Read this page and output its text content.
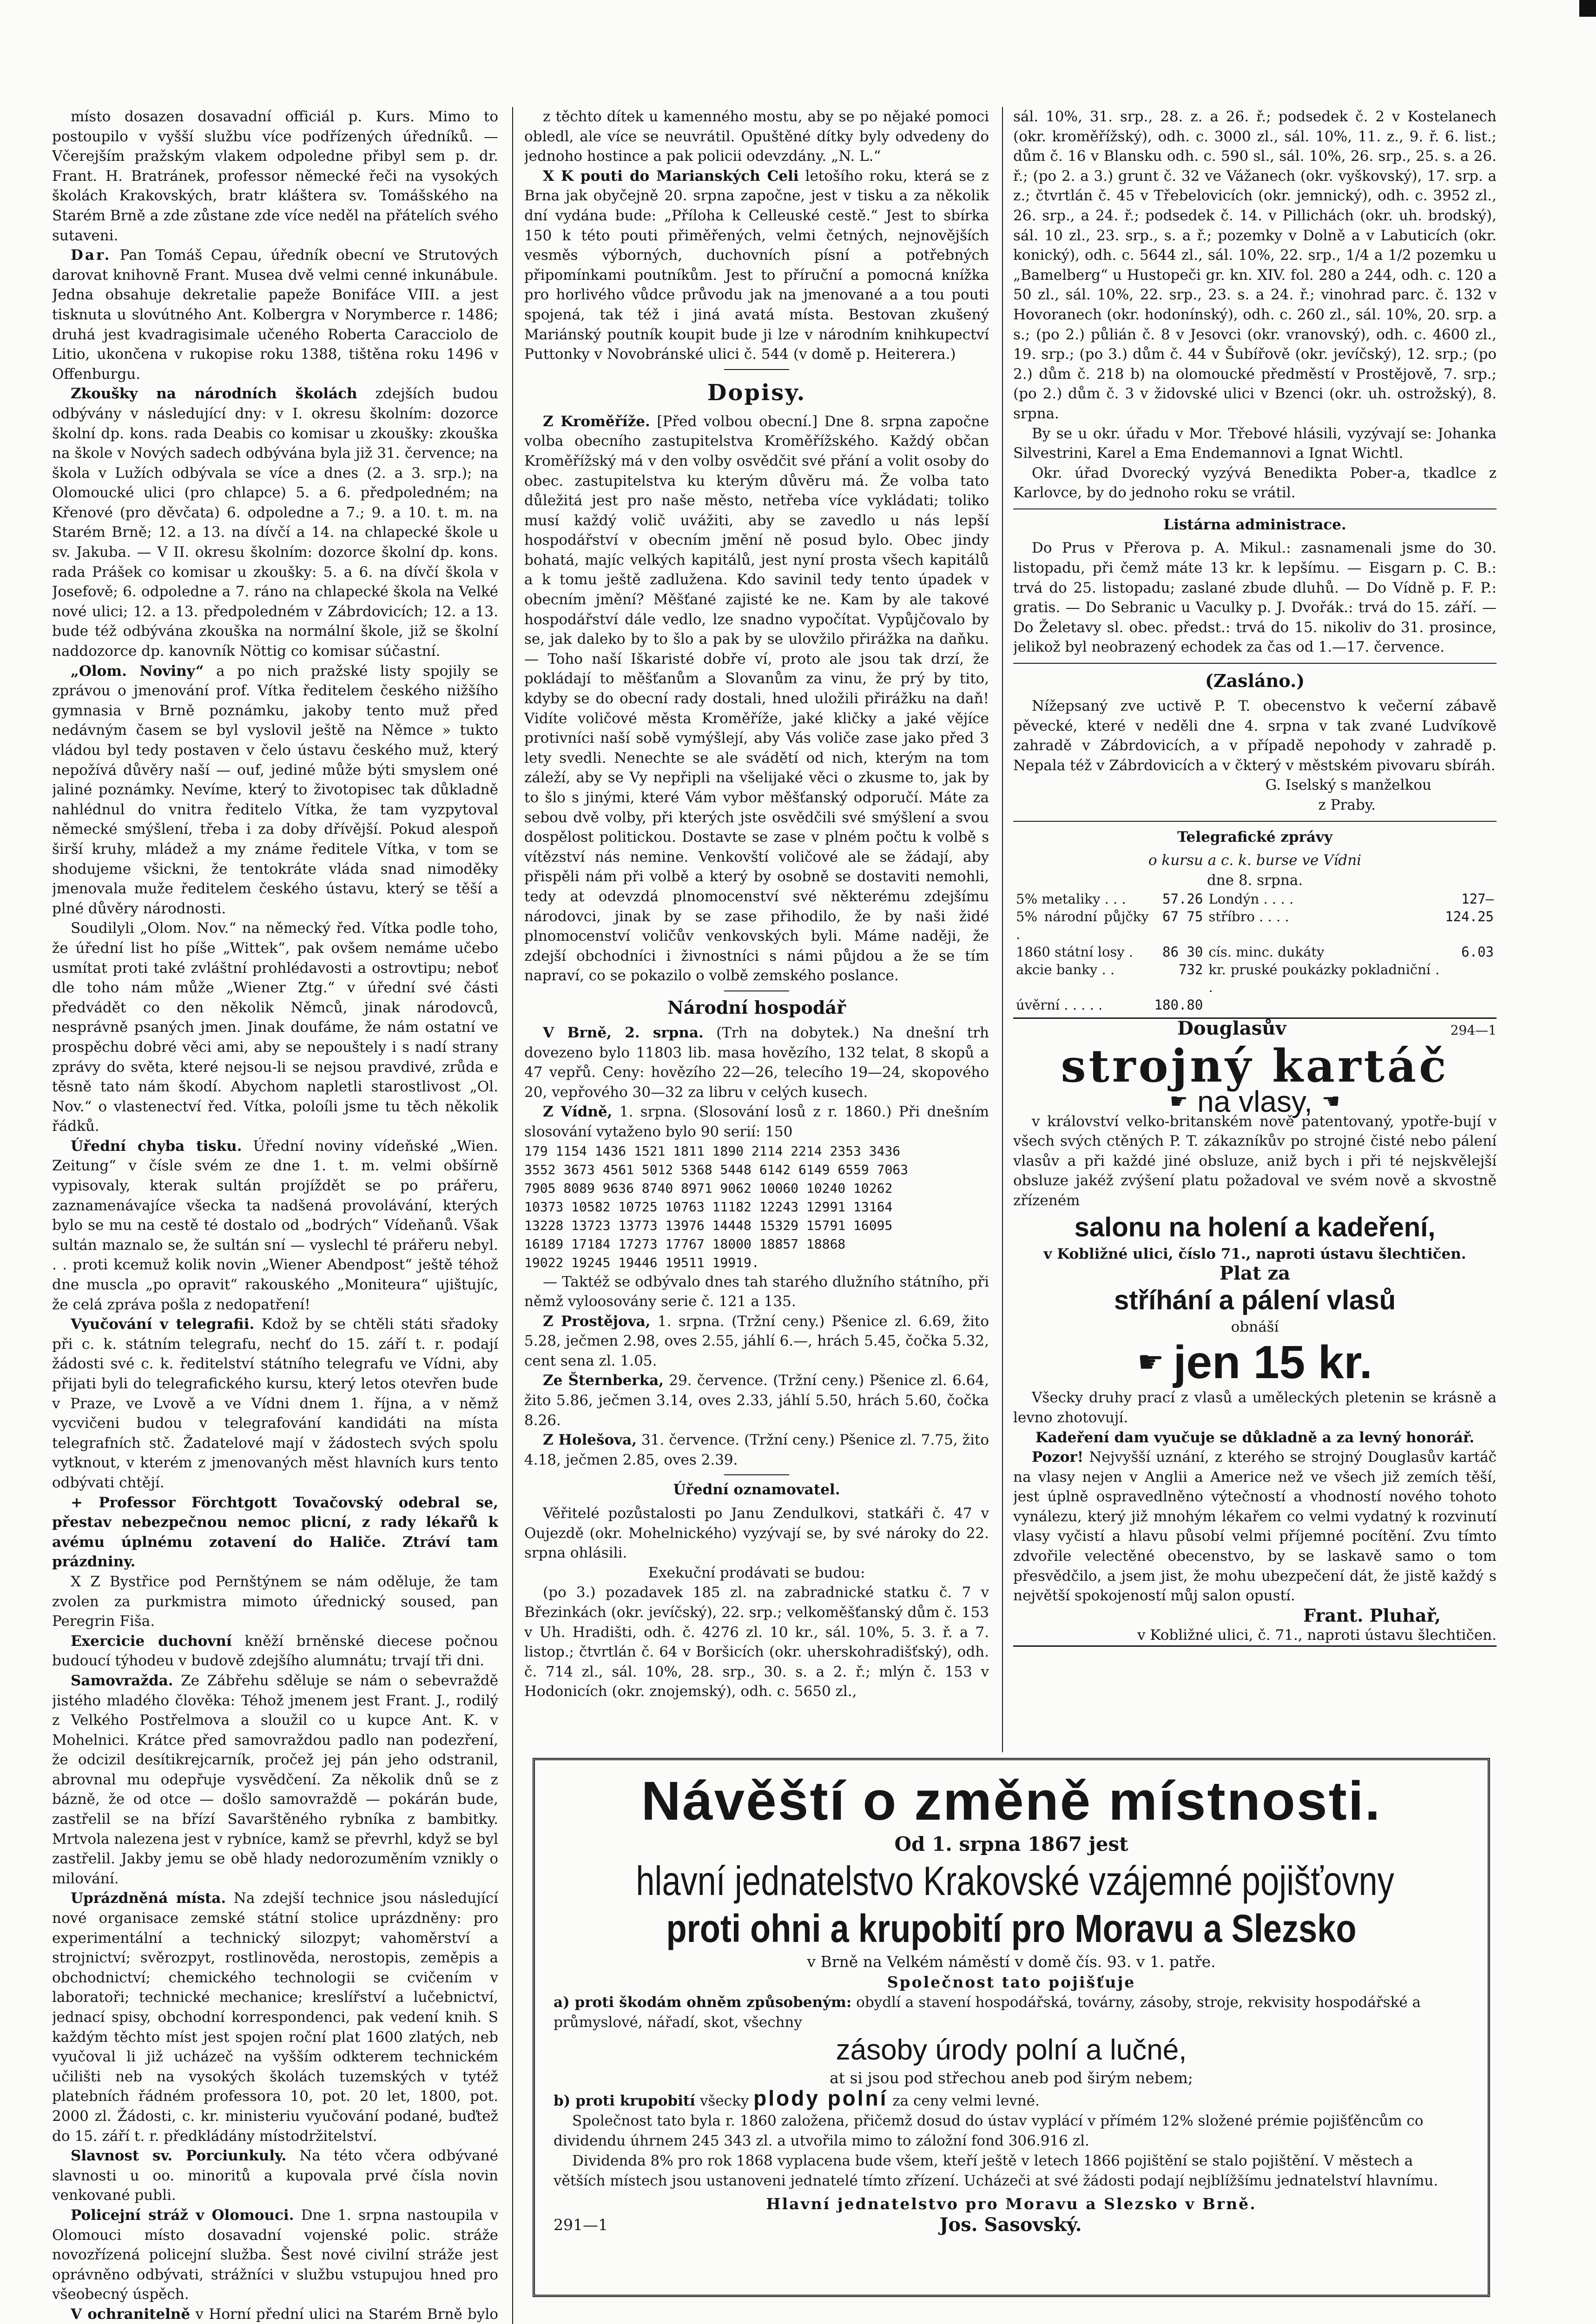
místo dosazen dosavadní officiál p. Kurs. Mimo to postoupilo v vyšší službu více podřízených úředníků. — Včerejším pražským vlakem odpoledne přibyl sem p. dr. Frant. H. Bratránek, professor německé řeči na vysokých školách Krakovských, bratr kláštera sv. Tomášského na Starém Brně a zde zůstane zde více neděl na přátelích svého sutaveni.

Dar. Pan Tomáš Cepau, úředník obecní ve Strutových darovat knihovně Frant. Musea dvě velmi cenné inkunábule. Jedna obsahuje dekretalie papeže Bonifáce VIII. a jest tisknuta u slovútného Ant. Kolbergra v Norymberce r. 1486; druhá jest kvadragisimale učeného Roberta Caracciolo de Litio, ukončena v rukopise roku 1388, tištěna roku 1496 v Offenburgu.

Zkoušky na národních školách zdejších budou odbývány v následující dny: v I. okresu školním: dozorce školní dp. kons. rada Deabis co komisar u zkoušky: zkouška na škole v Nových sadech odbývána byla již 31. července; na škola v Lužích odbývala se více a dnes (2. a 3. srp.); na Olomoucké ulici (pro chlapce) 5. a 6. předpoledném; na Křenové (pro děvčata) 6. odpoledne a 7.; 9. a 10. t. m. na Starém Brně; 12. a 13. na dívčí a 14. na chlapecké škole u sv. Jakuba. — V II. okresu školním: dozorce školní dp. kons. rada Prášek co komisar u zkoušky: 5. a 6. na dívčí škola v Josefově; 6. odpoledne a 7. ráno na chlapecké škola na Velké nové ulici; 12. a 13. předpoledném v Zábrdovicích; 12. a 13. bude též odbývána zkouška na normální škole, již se školní naddozorce dp. kanovník Nöttig co komisar súčastní.

„Olom. Noviny“ a po nich pražské listy spojily se zprávou o jmenování prof. Vítka ředitelem českého nižšího gymnasia v Brně poznámku, jakoby tento muž před nedávným časem se byl vyslovil ještě na Němce » tukto vládou byl tedy postaven v čelo ústavu českého muž, který nepožívá důvěry naší — ouf, jediné může býti smyslem oné jaliné poznámky. Nevíme, který to životopisec tak důkladně nahlédnul do vnitra ředitelo Vítka, že tam vyzpytoval německé smýšlení, třeba i za doby dřívější. Pokud alespoň širší kruhy, mládež a my známe ředitele Vítka, v tom se shodujeme všickni, že tentokráte vláda snad nimoděky jmenovala muže ředitelem českého ústavu, který se těší a plné důvěry národnosti.

Soudilyli „Olom. Nov.“ na německý řed. Vítka podle toho, že úřední list ho píše „Wittek“, pak ovšem nemáme učebo usmítat proti také zvláštní prohlédavosti a ostrovtipu; neboť dle toho nám může „Wiener Ztg.“ v úřední své části předvádět co den několik Němců, jinak národovců, nesprávně psaných jmen. Jinak doufáme, že nám ostatní ve prospěchu dobré věci ami, aby se nepouštely i s nadí strany zprávy do světa, které nejsou-li se nejsou pravdivé, zrůda e těsně tato nám škodí. Abychom napletli starostlivost „Ol. Nov.“ o vlastenectví řed. Vítka, poloíli jsme tu těch několik řádků.

Úřední chyba tisku. Úřední noviny vídeňské „Wien. Zeitung“ v čísle svém ze dne 1. t. m. velmi obšírně vypisovaly, kterak sultán projíždět se po prářeru, zaznamenávajíce všecka ta nadšená provolávání, kterých bylo se mu na cestě té dostalo od „bodrých“ Vídeňanů. Však sultán maznalo se, že sultán sní — vyslechl té prářeru nebyl. . . proti kcemuž kolik novin „Wiener Abendpost“ ještě téhož dne muscla „po opravit“ rakouského „Moniteura“ ujištujíc, že celá zpráva pošla z nedopatření!

Vyučování v telegrafii. Kdož by se chtěli státi sřadoky při c. k. státním telegrafu, nechť do 15. září t. r. podají žádosti své c. k. ředitelství státního telegrafu ve Vídni, aby přijati byli do telegrafického kursu, který letos otevřen bude v Praze, ve Lvově a ve Vídni dnem 1. října, a v němž vycvičeni budou v telegrafování kandidáti na místa telegrafních stč. Žadatelové mají v žádostech svých spolu vytknout, v kterém z jmenovaných měst hlavních kurs tento odbývati chtějí.

+ Professor Förchtgott Tovačovský odebral se, přestav nebezpečnou nemoc plicní, z rady lékařů k avému úplnému zotavení do Haliče. Ztráví tam prázdniny.

X Z Bystřice pod Pernštýnem se nám oděluje, že tam zvolen za purkmistra mimoto úřednický soused, pan Peregrin Fiša.

Exercicie duchovní kněží brněnské diecese počnou budoucí týhodeu v budově zdejšího alumnátu; trvají tři dni.

Samovražda. Ze Zábřehu sděluje se nám o sebevraždě jistého mladého člověka: Téhož jmenem jest Frant. J., rodilý z Velkého Postřelmova a sloužil co u kupce Ant. K. v Mohelnici. Krátce před samovraždou padlo nan podezření, že odcizil desítikrejcarník, pročež jej pán jeho odstranil, abrovnal mu odepřuje vysvědčení. Za několik dnů se z bázně, že od otce — došlo samovraždě — pokárán bude, zastřelil se na břízí Savarštěného rybníka z bambitky. Mrtvola nalezena jest v rybníce, kamž se převrhl, když se byl zastřelil. Jakby jemu se obě hlady nedorozuměním vznikly o milování.

Uprázdněná místa. Na zdejší technice jsou následující nové organisace zemské státní stolice uprázdněny: pro experimentální a technický silozpyt; vahoměrství a strojnictví; svěrozpyt, rostlinověda, nerostopis, zeměpis a obchodnictví; chemického technologii se cvičením v laboratoři; technické mechanice; kreslířství a lučebnictví, jednací spisy, obchodní korrespondenci, pak vedení knih. S každým těchto míst jest spojen roční plat 1600 zlatých, neb vyučoval li již ucházeč na vyšším odkterem technickém učilišti neb na vysokých školách tuzemských v tytéž platebních řádném professora 10, pot. 20 let, 1800, pot. 2000 zl. Žádosti, c. kr. ministeriu vyučování podané, buďtež do 15. září t. r. předkládány místodržitelství.

Slavnost sv. Porciunkuly. Na této včera odbývané slavnosti u oo. minoritů a kupovala prvé čísla novin venkované publi.

Policejní stráž v Olomouci. Dne 1. srpna nastoupila v Olomouci místo dosavadní vojenské polic. stráže novozřízená policejní služba. Šest nové civilní stráže jest oprávněno odbývati, strážníci v službu vstupujou hned pro všeobecný úspěch.

V ochranitelně v Horní přední ulici na Starém Brně bylo

z těchto dítek u kamenného mostu, aby se po nějaké pomoci obledl, ale více se neuvrátil. Opuštěné dítky byly odvedeny do jednoho hostince a pak policii odevzdány. „N. L.“

X K pouti do Marianských Celi letošího roku, která se z Brna jak obyčejně 20. srpna započne, jest v tisku a za několik dní vydána bude: „Příloha k Celleuské cestě.“ Jest to sbírka 150 k této pouti přiměřených, velmi četných, nejnovějších vesměs výborných, duchovních písní a potřebných připomínkami poutníkům. Jest to příruční a pomocná knížka pro horlivého vůdce průvodu jak na jmenované a a tou pouti spojená, tak též i jiná avatá místa. Bestovan zkušený Mariánský poutník koupit bude ji lze v národním knihkupectví Puttonky v Novobránské ulici č. 544 (v domě p. Heiterera.)

Dopisy.

Z Kroměříže. [Před volbou obecní.] Dne 8. srpna započne volba obecního zastupitelstva Kroměřížského. Každý občan Kroměřížský má v den volby osvědčit své přání a volit osoby do obec. zastupitelstva ku kterým důvěru má. Že volba tato důležitá jest pro naše město, netřeba více vykládati; toliko musí každý volič uvážiti, aby se zavedlo u nás lepší hospodářství v obecním jmění ně posud bylo. Obec jindy bohatá, majíc velkých kapitálů, jest nyní prosta všech kapitálů a k tomu ještě zadlužena. Kdo savinil tedy tento úpadek v obecním jmění? Měšťané zajisté ke ne. Kam by ale takové hospodářství dále vedlo, lze snadno vypočítat. Vypůjčovalo by se, jak daleko by to šlo a pak by se ulovžilo přirážka na daňku. — Toho naší Iškaristé dobře ví, proto ale jsou tak drzí, že pokládají to měšťanům a Slovanům za vinu, že prý by tito, kdyby se do obecní rady dostali, hned uložili přirážku na daň! Vidíte voličové města Kroměříže, jaké kličky a jaké vějíce protivníci naší sobě vymýšlejí, aby Vás voliče zase jako před 3 lety svedli. Nenechte se ale svádětí od nich, kterým na tom záleží, aby se Vy nepřipli na všelijaké věci o zkusme to, jak by to šlo s jinými, které Vám vybor měšťanský odporučí. Máte za sebou dvě volby, při kterých jste osvědčili své smýšlení a svou dospělost politickou. Dostavte se zase v plném počtu k volbě s vítězství nás nemine. Venkovští voličové ale se žádají, aby přispěli nám při volbě a který by osobně se dostaviti nemohli, tedy at odevzdá plnomocenství své některému zdejšímu národovci, jinak by se zase přihodilo, že by naši židé plnomocenství voličův venkovských byli. Máme naději, že zdejší obchodníci i živnostníci s námi půjdou a že se tím napraví, co se pokazilo o volbě zemského poslance.

Národní hospodář

V Brně, 2. srpna. (Trh na dobytek.) Na dnešní trh dovezeno bylo 11803 lib. masa hovězího, 132 telat, 8 skopů a 47 vepřů. Ceny: hovězího 22—26, telecího 19—24, skopového 20, vepřového 30—32 za libru v celých kusech.

Z Vídně, 1. srpna. (Slosování losů z r. 1860.) Při dnešním slosování vytaženo bylo 90 serií: 150

179 1154 1436 1521 1811 1890 2114 2214 2353 3436
3552 3673 4561 5012 5368 5448 6142 6149 6559 7063
7905 8089 9636 8740 8971 9062 10060 10240 10262
10373 10582 10725 10763 11182 12243 12991 13164
13228 13723 13773 13976 14448 15329 15791 16095
16189 17184 17273 17767 18000 18857 18868
19022 19245 19446 19511 19919.

— Taktéž se odbývalo dnes tah starého dlužního státního, při němž vyloosovány serie č. 121 a 135.

Z Prostějova, 1. srpna. (Tržní ceny.) Pšenice zl. 6.69, žito 5.28, ječmen 2.98, oves 2.55, jáhlí 6.—, hrách 5.45, čočka 5.32, cent sena zl. 1.05.

Ze Šternberka, 29. července. (Tržní ceny.) Pšenice zl. 6.64, žito 5.86, ječmen 3.14, oves 2.33, jáhlí 5.50, hrách 5.60, čočka 8.26.

Z Holešova, 31. července. (Tržní ceny.) Pšenice zl. 7.75, žito 4.18, ječmen 2.85, oves 2.39.

Úřední oznamovatel.

Věřitelé pozůstalosti po Janu Zendulkovi, statkáři č. 47 v Oujezdě (okr. Mohelnického) vyzývají se, by své nároky do 22. srpna ohlásili.

Exekuční prodávati se budou:

(po 3.) pozadavek 185 zl. na zabradnické statku č. 7 v Březinkách (okr. jevíčský), 22. srp.; velkoměšťanský dům č. 153 v Uh. Hradišti, odh. č. 4276 zl. 10 kr., sál. 10%, 5. 3. ř. a 7. listop.; čtvrtlán č. 64 v Boršicích (okr. uherskohradišťský), odh. č. 714 zl., sál. 10%, 28. srp., 30. s. a 2. ř.; mlýn č. 153 v Hodonicích (okr. znojemský), odh. c. 5650 zl.,

sál. 10%, 31. srp., 28. z. a 26. ř.; podsedek č. 2 v Kostelanech (okr. kroměřížský), odh. c. 3000 zl., sál. 10%, 11. z., 9. ř. 6. list.; dům č. 16 v Blansku odh. c. 590 sl., sál. 10%, 26. srp., 25. s. a 26. ř.; (po 2. a 3.) grunt č. 32 ve Vážanech (okr. vyškovský), 17. srp. a z.; čtvrtlán č. 45 v Třebelovicích (okr. jemnický), odh. c. 3952 zl., 26. srp., a 24. ř.; podsedek č. 14. v Pillichách (okr. uh. brodský), sál. 10 zl., 23. srp., s. a ř.; pozemky v Dolně a v Labuticích (okr. konický), odh. c. 5644 zl., sál. 10%, 22. srp., 1/4 a 1/2 pozemku u „Bamelberg“ u Hustopeči gr. kn. XIV. fol. 280 a 244, odh. c. 120 a 50 zl., sál. 10%, 22. srp., 23. s. a 24. ř.; vinohrad parc. č. 132 v Hovoranech (okr. hodonínský), odh. c. 260 zl., sál. 10%, 20. srp. a s.; (po 2.) půlián č. 8 v Jesovci (okr. vranovský), odh. c. 4600 zl., 19. srp.; (po 3.) dům č. 44 v Šubířově (okr. jevíčský), 12. srp.; (po 2.) dům č. 218 b) na olomoucké předměstí v Prostějově, 7. srp.; (po 2.) dům č. 3 v židovské ulici v Bzenci (okr. uh. ostrožský), 8. srpna.

By se u okr. úřadu v Mor. Třebové hlásili, vyzývají se: Johanka Silvestrini, Karel a Ema Endemannovi a Ignat Wichtl.

Okr. úřad Dvorecký vyzývá Benedikta Pober-a, tkadlce z Karlovce, by do jednoho roku se vrátil.

Listárna administrace.

Do Prus v Přerova p. A. Mikul.: zasnamenali jsme do 30. listopadu, při čemž máte 13 kr. k lepšímu. — Eisgarn p. C. B.: trvá do 25. listopadu; zaslané zbude dluhů. — Do Vídně p. F. P.: gratis. — Do Sebranic u Vaculky p. J. Dvořák.: trvá do 15. září. — Do Želetavy sl. obec. předst.: trvá do 15. nikoliv do 31. prosince, jelikož byl neobrazený echodek za čas od 1.—17. července.

(Zasláno.)

Nížepsaný zve uctivě P. T. obecenstvo k večerní zábavě pěvecké, které v neděli dne 4. srpna v tak zvané Ludvíkově zahradě v Zábrdovicích, a v případě nepohody v zahradě p. Nepala též v Zábrdovicích a v čkterý v městském pivovaru sbíráh.

G. Iselský s manželkou

z Praby.

Telegrafické zprávy

o kursu a c. k. burse ve Vídni

dne 8. srpna.

5% metaliky . . .	57.26	Londýn . . . .	127—
5% národní půjčky .	67 75	stříbro . . . .	124.25
1860 státní losy .	86 30	cís. minc. dukáty	6.03
akcie banky . .	732	kr. pruské poukázky pokladniční . .	
úvěrní . . . . .	180.80		
Douglasův	294—1
strojný kartáč
☛ na vlasy, ☚

v království velko-britanském nově patentovaný, ypotře-bují v všech svých ctěných P. T. zákazníkův po strojné čisté nebo pálení vlasův a při každé jiné obsluze, aniž bych i při té nejskvělejší obsluze jakéž zvýšení platu požadoval ve svém nově a skvostně zřízeném

salonu na holení a kadeření,

v Kobližné ulici, číslo 71., naproti ústavu šlechtičen.

Plat za

stříhání a pálení vlasů

obnáší

☛ jen 15 kr.

Všecky druhy prací z vlasů a uměleckých pletenin se krásně a levno zhotovují.

Kadeření dam vyučuje se důkladně a za levný honorář.

Pozor! Nejvyšší uznání, z kterého se strojný Douglasův kartáč na vlasy nejen v Anglii a Americe než ve všech již zemích těší, jest úplně ospravedlněno výtečností a vhodností nového tohoto vynálezu, který již mnohým lékařem co velmi vydatný k rozvinutí vlasy vyčistí a hlavu působí velmi příjemné pocítění. Zvu tímto zdvořile velectěné obecenstvo, by se laskavě samo o tom přesvědčilo, a jsem jist, že mohu ubezpečení dát, že jistě každý s největší spokojeností můj salon opustí.

Frant. Pluhař,

v Kobližné ulici, č. 71., naproti ústavu šlechtičen.

Návěští o změně místnosti.
Od 1. srpna 1867 jest
hlavní jednatelstvo Krakovské vzájemné pojišťovny
proti ohni a krupobití pro Moravu a Slezsko
v Brně na Velkém náměstí v domě čís. 93. v 1. patře.
Společnost tato pojišťuje
a) proti škodám ohněm způsobeným: obydlí a stavení hospodářská, továrny, zásoby, stroje, rekvisity hospodářské a průmyslové, nářadí, skot, všechny
zásoby úrody polní a lučné,
at si jsou pod střechou aneb pod širým nebem;
b) proti krupobití všecky plody polní za ceny velmi levné.
Společnost tato byla r. 1860 založena, přičemž dosud do ústav vyplácí v přímém 12% složené prémie pojišťěncům co dividendu úhrnem 245 343 zl. a utvořila mimo to záložní fond 306.916 zl.
Dividenda 8% pro rok 1868 vyplacena bude všem, kteří ještě v letech 1866 pojištění se stalo pojištění. V městech a větších místech jsou ustanoveni jednatelé tímto zřízení. Ucházeči at své žádosti podají nejblížšímu jednatelství hlavnímu.
Hlavní jednatelstvo pro Moravu a Slezsko v Brně.
291—1	Jos. Sasovský.
